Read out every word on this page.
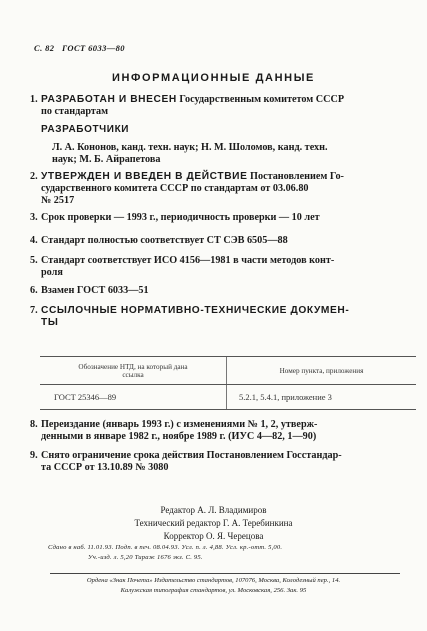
С. 82 ГОСТ 6033—80
ИНФОРМАЦИОННЫЕ ДАННЫЕ
1. РАЗРАБОТАН И ВНЕСЕН Государственным комитетом СССР
по стандартам
РАЗРАБОТЧИКИ
Л. А. Кононов, канд. техн. наук; Н. М. Шоломов, канд. техн.
наук; М. Б. Айрапетова
2. УТВЕРЖДЕН И ВВЕДЕН В ДЕЙСТВИЕ Постановлением Го-
сударственного комитета СССР по стандартам от 03.06.80
№ 2517
3. Срок проверки — 1993 г., периодичность проверки — 10 лет
4. Стандарт полностью соответствует СТ СЭВ 6505—88
5. Стандарт соответствует ИСО 4156—1981 в части методов конт-
роля
6. Взамен ГОСТ 6033—51
7. ССЫЛОЧНЫЕ НОРМАТИВНО-ТЕХНИЧЕСКИЕ ДОКУМЕН-
ТЫ
Обозначение НТД, на который дана
ссылка	Номер пункта, приложения

ГОСТ 25346—89	5.2.1, 5.4.1, приложение 3
8. Переиздание (январь 1993 г.) с изменениями № 1, 2, утверж-
денными в январе 1982 г., ноябре 1989 г. (ИУС 4—82, 1—90)
9. Снято ограничение срока действия Постановлением Госстандар-
та СССР от 13.10.89 № 3080
Редактор А. Л. Владимиров
Технический редактор Г. А. Теребинкина
Корректор О. Я. Черецова
Сдано в наб. 11.01.93. Подп. в печ. 08.04.93. Усл. п. л. 4,88. Усл. кр.-отт. 5,00.
Уч.-изд. л. 5,20 Тираж 1676 экз. С. 95.
Ордена «Знак Почета» Издательство стандартов, 107076, Москва, Колодезный пер., 14.
Калужская типография стандартов, ул. Московская, 256. Зак. 95
